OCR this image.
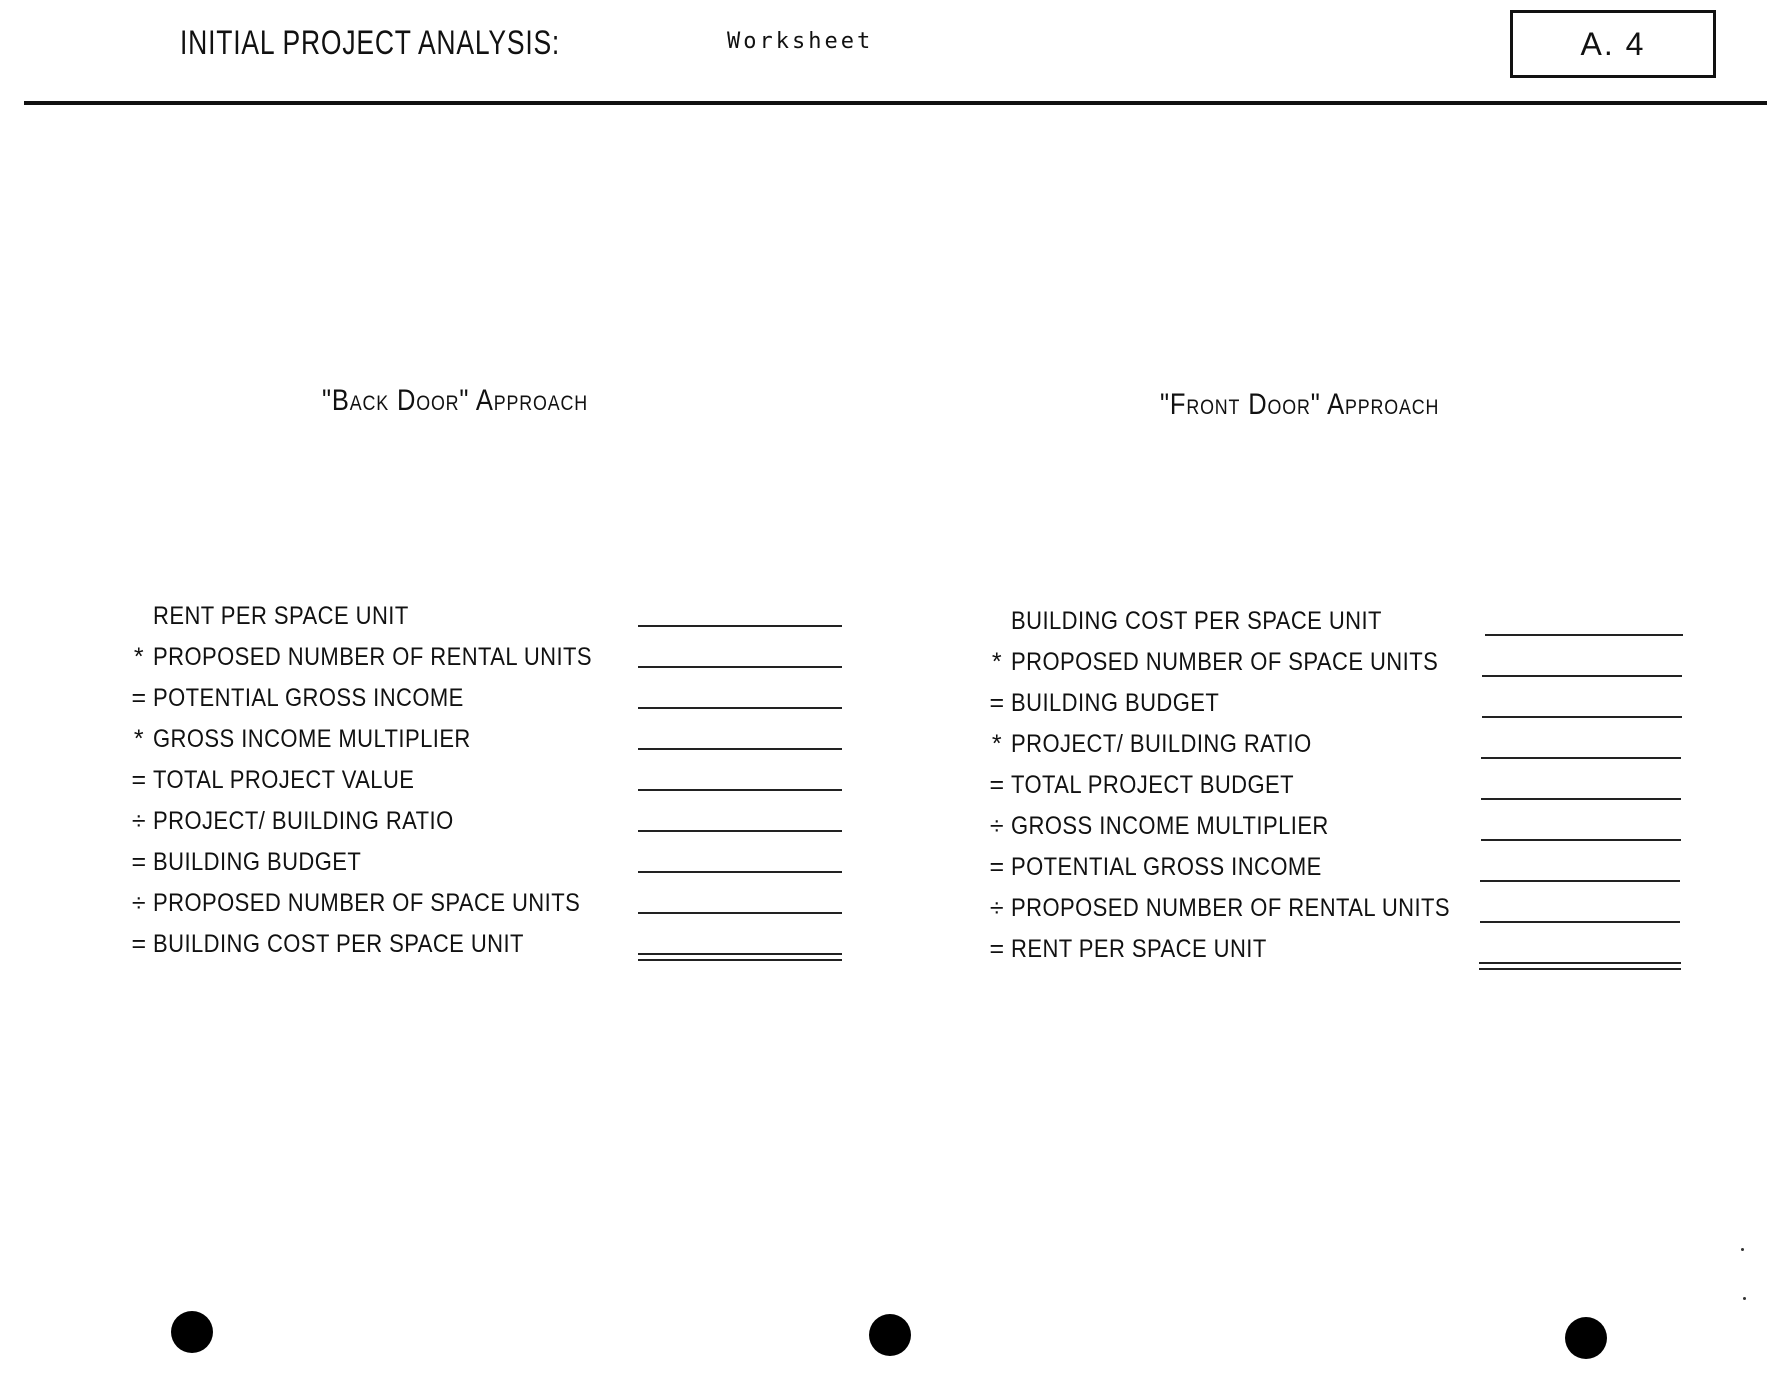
INITIAL PROJECT ANALYSIS:	Worksheet	A. 4
"Back Door" Approach	"Front Door" Approach
RENT PER SPACE UNIT
* PROPOSED NUMBER OF RENTAL UNITS
= POTENTIAL GROSS INCOME
* GROSS INCOME MULTIPLIER
= TOTAL PROJECT VALUE
÷ PROJECT/ BUILDING RATIO
= BUILDING BUDGET
÷ PROPOSED NUMBER OF SPACE UNITS
= BUILDING COST PER SPACE UNIT
BUILDING COST PER SPACE UNIT
* PROPOSED NUMBER OF SPACE UNITS
= BUILDING BUDGET
* PROJECT/ BUILDING RATIO
= TOTAL PROJECT BUDGET
÷ GROSS INCOME MULTIPLIER
= POTENTIAL GROSS INCOME
÷ PROPOSED NUMBER OF RENTAL UNITS
= RENT PER SPACE UNIT
